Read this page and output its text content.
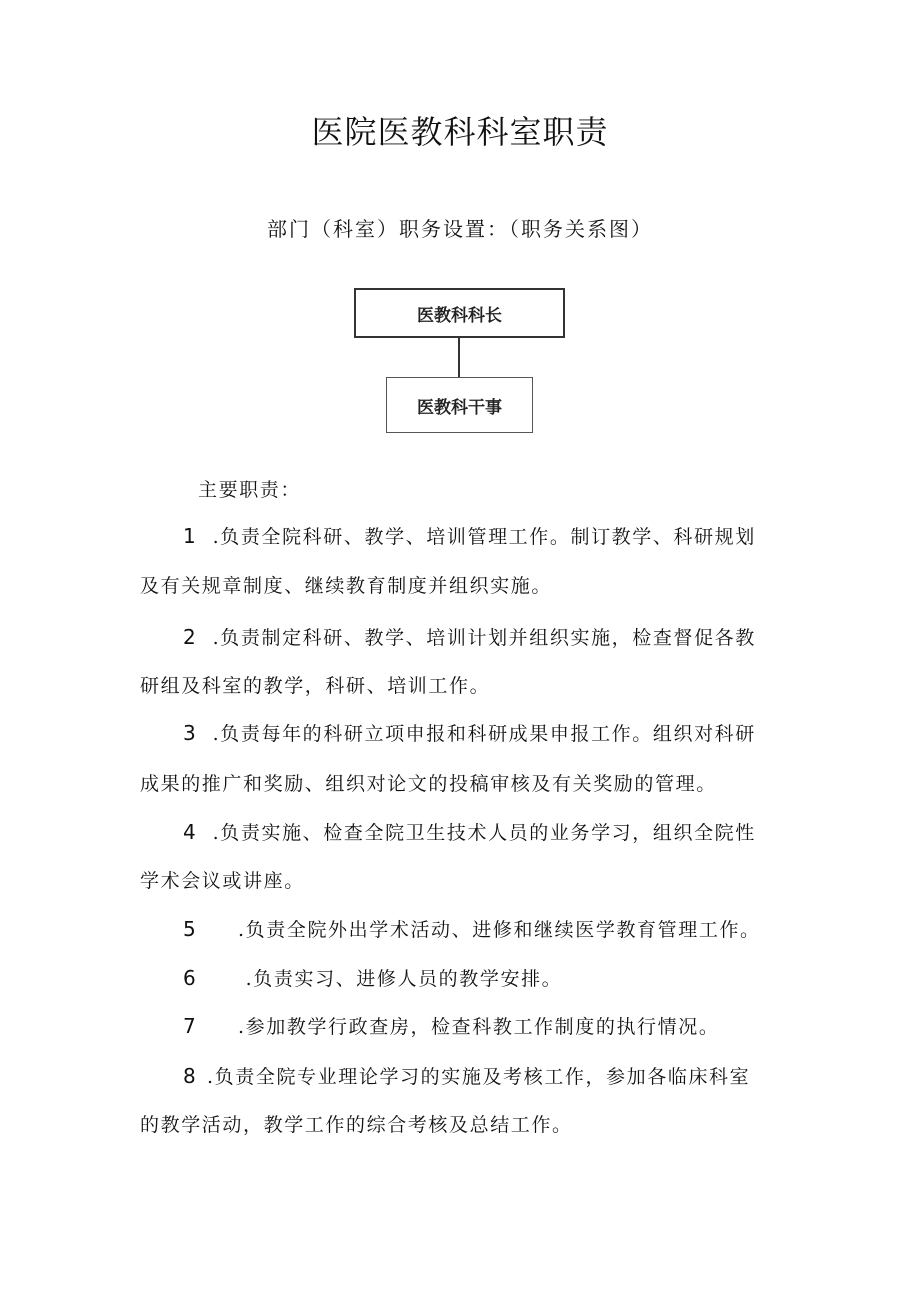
医院医教科科室职责
部门（科室）职务设置：（职务关系图）
医教科科长
医教科干事
主要职责：
1 .负责全院科研、教学、培训管理工作。制订教学、科研规划
及有关规章制度、继续教育制度并组织实施。
2 .负责制定科研、教学、培训计划并组织实施，检查督促各教
研组及科室的教学，科研、培训工作。
3 .负责每年的科研立项申报和科研成果申报工作。组织对科研
成果的推广和奖励、组织对论文的投稿审核及有关奖励的管理。
4 .负责实施、检查全院卫生技术人员的业务学习，组织全院性
学术会议或讲座。
5 .负责全院外出学术活动、进修和继续医学教育管理工作。
6 .负责实习、进修人员的教学安排。
7 .参加教学行政查房，检查科教工作制度的执行情况。
8 .负责全院专业理论学习的实施及考核工作，参加各临床科室
的教学活动，教学工作的综合考核及总结工作。
